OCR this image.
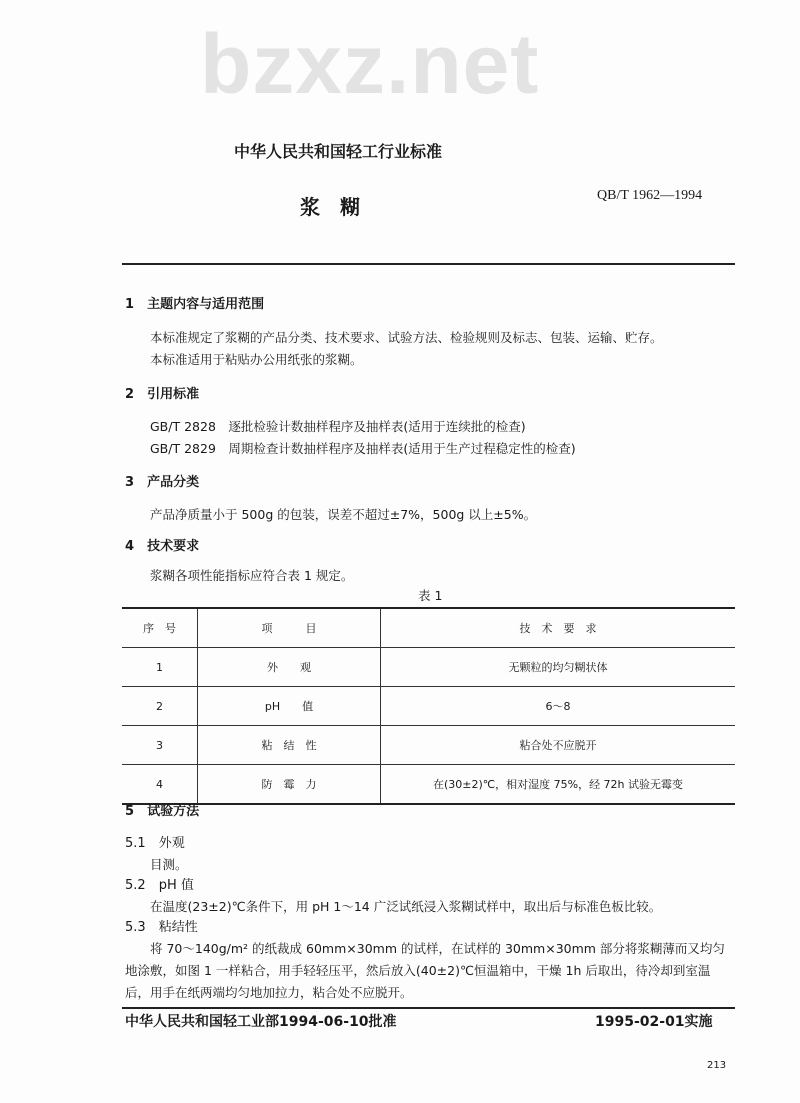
bzxz.net
中华人民共和国轻工行业标准
浆　糊	QB/T 1962—1994
1　 主题内容与适用范围
本标准规定了浆糊的产品分类、技术要求、试验方法、检验规则及标志、包装、运输、贮存。
本标准适用于粘贴办公用纸张的浆糊。
2　 引用标准
GB/T 2828　 逐批检验计数抽样程序及抽样表(适用于连续批的检查)
GB/T 2829　 周期检查计数抽样程序及抽样表(适用于生产过程稳定性的检查)
3　 产品分类
产品净质量小于 500g 的包装，误差不超过±7%，500g 以上±5%。
4　 技术要求
浆糊各项性能指标应符合表 1 规定。
表 1
序　号	项　　　目	技　术　要　求
1	外　　观	无颗粒的均匀糊状体
2	pH　　值	6～8
3	粘　结　性	粘合处不应脱开
4	防　霉　力	在(30±2)℃，相对湿度 75%，经 72h 试验无霉变
5　 试验方法
5.1　 外观
目测。
5.2　 pH 值
在温度(23±2)℃条件下，用 pH 1～14 广泛试纸浸入浆糊试样中，取出后与标准色板比较。
5.3　 粘结性
将 70～140g/m² 的纸裁成 60mm×30mm 的试样，在试样的 30mm×30mm 部分将浆糊薄而又均匀
地涂敷，如图 1 一样粘合，用手轻轻压平，然后放入(40±2)℃恒温箱中，干燥 1h 后取出，待冷却到室温
后，用手在纸两端均匀地加拉力，粘合处不应脱开。
中华人民共和国轻工业部1994-06-10批准	1995-02-01实施
213
